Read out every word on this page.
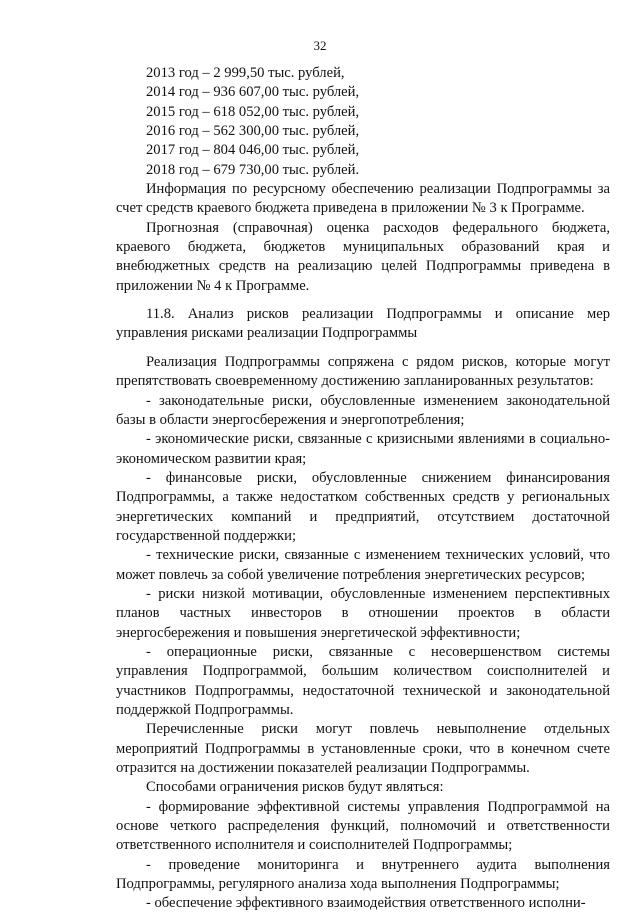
32
2013 год – 2 999,50 тыс. рублей,
2014 год – 936 607,00 тыс. рублей,
2015 год – 618 052,00 тыс. рублей,
2016 год – 562 300,00 тыс. рублей,
2017 год – 804 046,00 тыс. рублей,
2018 год – 679 730,00 тыс. рублей.

Информация по ресурсному обеспечению реализации Подпрограммы за счет средств краевого бюджета приведена в приложении № 3 к Программе.

Прогнозная (справочная) оценка расходов федерального бюджета, краевого бюджета, бюджетов муниципальных образований края и внебюджетных средств на реализацию целей Подпрограммы приведена в приложении № 4 к Программе.

11.8. Анализ рисков реализации Подпрограммы и описание мер управления рисками реализации Подпрограммы

Реализация Подпрограммы сопряжена с рядом рисков, которые могут препятствовать своевременному достижению запланированных результатов:

- законодательные риски, обусловленные изменением законодательной базы в области энергосбережения и энергопотребления;

- экономические риски, связанные с кризисными явлениями в социально-экономическом развитии края;

- финансовые риски, обусловленные снижением финансирования Подпрограммы, а также недостатком собственных средств у региональных энергетических компаний и предприятий, отсутствием достаточной государственной поддержки;

- технические риски, связанные с изменением технических условий, что может повлечь за собой увеличение потребления энергетических ресурсов;

- риски низкой мотивации, обусловленные изменением перспективных планов частных инвесторов в отношении проектов в области энергосбережения и повышения энергетической эффективности;

- операционные риски, связанные с несовершенством системы управления Подпрограммой, большим количеством соисполнителей и участников Подпрограммы, недостаточной технической и законодательной поддержкой Подпрограммы.

Перечисленные риски могут повлечь невыполнение отдельных мероприятий Подпрограммы в установленные сроки, что в конечном счете отразится на достижении показателей реализации Подпрограммы.

Способами ограничения рисков будут являться:

- формирование эффективной системы управления Подпрограммой на основе четкого распределения функций, полномочий и ответственности ответственного исполнителя и соисполнителей Подпрограммы;

- проведение мониторинга и внутреннего аудита выполнения Подпрограммы, регулярного анализа хода выполнения Подпрограммы;

- обеспечение эффективного взаимодействия ответственного исполни-
